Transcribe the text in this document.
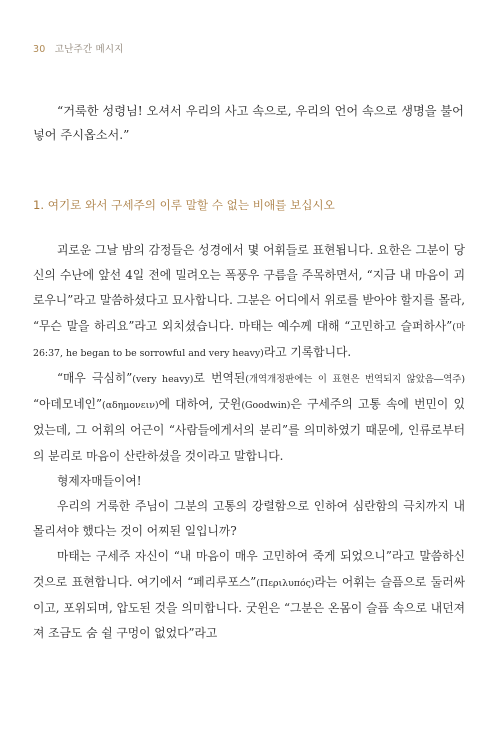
30 고난주간 메시지
“거룩한 성령님! 오셔서 우리의 사고 속으로, 우리의 언어 속으로 생명을 불어넣어 주시옵소서.”
1. 여기로 와서 구세주의 이루 말할 수 없는 비애를 보십시오

괴로운 그날 밤의 감정들은 성경에서 몇 어휘들로 표현됩니다. 요한은 그분이 당신의 수난에 앞선 4일 전에 밀려오는 폭풍우 구름을 주목하면서, “지금 내 마음이 괴로우니”라고 말씀하셨다고 묘사합니다. 그분은 어디에서 위로를 받아야 할지를 몰라, “무슨 말을 하리요”라고 외치셨습니다. 마태는 예수께 대해 “고민하고 슬퍼하사”(마 26:37, he began to be sorrowful and very heavy)라고 기록합니다.

“매우 극심히”(very heavy)로 번역된(개역개정판에는 이 표현은 번역되지 않았음―역주) “아데모네인”(αδημονειν)에 대하여, 굿윈(Goodwin)은 구세주의 고통 속에 번민이 있었는데, 그 어휘의 어근이 “사람들에게서의 분리”를 의미하였기 때문에, 인류로부터의 분리로 마음이 산란하셨을 것이라고 말합니다.

형제자매들이여!

우리의 거룩한 주님이 그분의 고통의 강렬함으로 인하여 심란함의 극치까지 내몰리셔야 했다는 것이 어찌된 일입니까?

마태는 구세주 자신이 “내 마음이 매우 고민하여 죽게 되었으니”라고 말씀하신 것으로 표현합니다. 여기에서 “페리루포스”(Περιλυπός)라는 어휘는 슬픔으로 둘러싸이고, 포위되며, 압도된 것을 의미합니다. 굿윈은 “그분은 온몸이 슬픔 속으로 내던져져 조금도 숨 쉴 구멍이 없었다”라고
